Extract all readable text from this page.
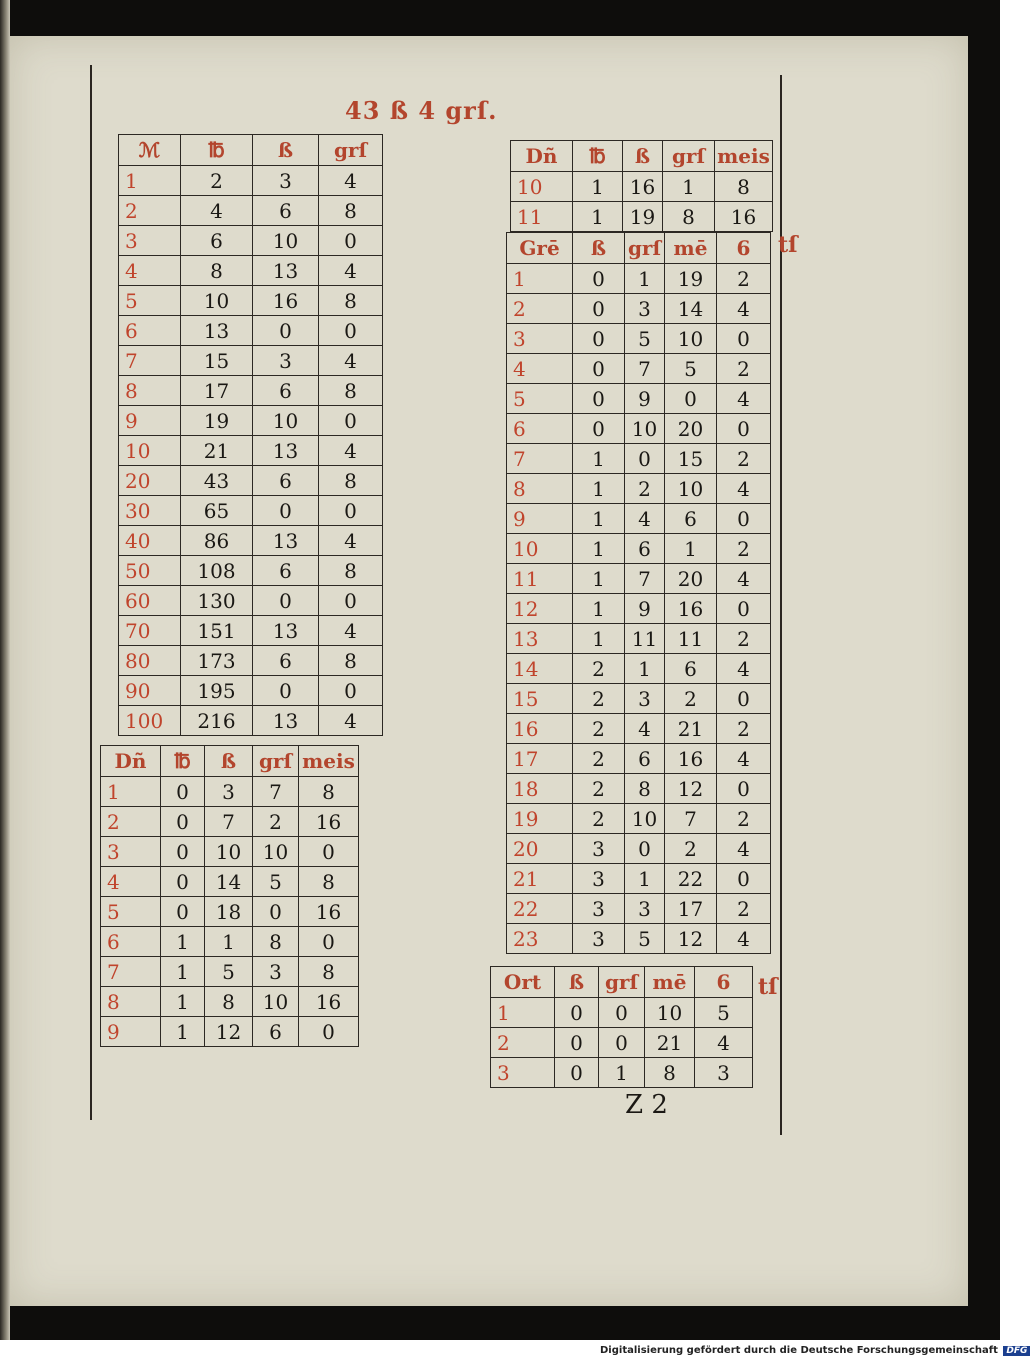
43 ß 4 grſ.
ℳ	℔	ß	grſ
1	2	3	4
2	4	6	8
3	6	10	0
4	8	13	4
5	10	16	8
6	13	0	0
7	15	3	4
8	17	6	8
9	19	10	0
10	21	13	4
20	43	6	8
30	65	0	0
40	86	13	4
50	108	6	8
60	130	0	0
70	151	13	4
80	173	6	8
90	195	0	0
100	216	13	4
Dñ	℔	ß	grſ	meis
1	0	3	7	8
2	0	7	2	16
3	0	10	10	0
4	0	14	5	8
5	0	18	0	16
6	1	1	8	0
7	1	5	3	8
8	1	8	10	16
9	1	12	6	0
Dñ	℔	ß	grſ	meis
10	1	16	1	8
11	1	19	8	16
Grē	ß	grſ	mē	6
1	0	1	19	2
2	0	3	14	4
3	0	5	10	0
4	0	7	5	2
5	0	9	0	4
6	0	10	20	0
7	1	0	15	2
8	1	2	10	4
9	1	4	6	0
10	1	6	1	2
11	1	7	20	4
12	1	9	16	0
13	1	11	11	2
14	2	1	6	4
15	2	3	2	0
16	2	4	21	2
17	2	6	16	4
18	2	8	12	0
19	2	10	7	2
20	3	0	2	4
21	3	1	22	0
22	3	3	17	2
23	3	5	12	4
tſ
Ort	ß	grſ	mē	6
1	0	0	10	5
2	0	0	21	4
3	0	1	8	3
tſ
Z 2
Digitalisierung gefördert durch die Deutsche Forschungsgemeinschaft DFG
